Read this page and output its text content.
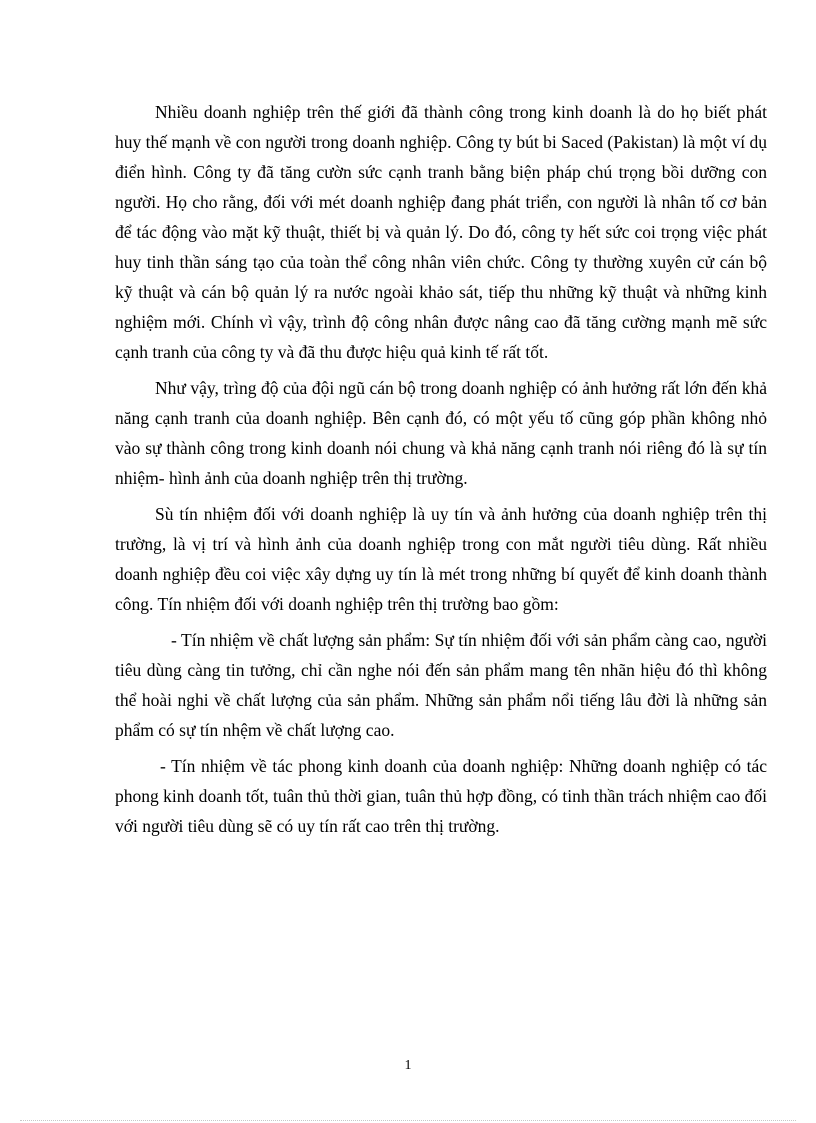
Nhiều doanh nghiệp trên thế giới đã thành công trong kinh doanh là do họ biết phát huy thế mạnh về con người trong doanh nghiệp. Công ty bút bi Saced (Pakistan) là một ví dụ điển hình. Công ty đã tăng cườn sức cạnh tranh bằng biện pháp chú trọng bồi dưỡng con người. Họ cho rằng, đối với mét doanh nghiệp đang phát triển, con người là nhân tố cơ bản để tác động vào mặt kỹ thuật, thiết bị và quản lý. Do đó, công ty hết sức coi trọng việc phát huy tinh thần sáng tạo của toàn thể công nhân viên chức. Công ty thường xuyên cử cán bộ kỹ thuật và cán bộ quản lý ra nước ngoài khảo sát, tiếp thu những kỹ thuật và những kinh nghiệm mới. Chính vì vậy, trình độ công nhân được nâng cao đã tăng cường mạnh mẽ sức cạnh tranh của công ty và đã thu được hiệu quả kinh tế rất tốt.

Như vậy, trìng độ của đội ngũ cán bộ trong doanh nghiệp có ảnh hưởng rất lớn đến khả năng cạnh tranh của doanh nghiệp. Bên cạnh đó, có một yếu tố cũng góp phần không nhỏ vào sự thành công trong kinh doanh nói chung và khả năng cạnh tranh nói riêng đó là sự tín nhiệm- hình ảnh của doanh nghiệp trên thị trường.

Sù tín nhiệm đối với doanh nghiệp là uy tín và ảnh hưởng của doanh nghiệp trên thị trường, là vị trí và hình ảnh của doanh nghiệp trong con mắt người tiêu dùng. Rất nhiều doanh nghiệp đều coi việc xây dựng uy tín là mét trong những bí quyết để kinh doanh thành công. Tín nhiệm đối với doanh nghiệp trên thị trường bao gồm:

- Tín nhiệm về chất lượng sản phẩm: Sự tín nhiệm đối với sản phẩm càng cao, người tiêu dùng càng tin tưởng, chỉ cần nghe nói đến sản phẩm mang tên nhãn hiệu đó thì không thể hoài nghi về chất lượng của sản phẩm. Những sản phẩm nổi tiếng lâu đời là những sản phẩm có sự tín nhệm về chất lượng cao.

- Tín nhiệm về tác phong kinh doanh của doanh nghiệp: Những doanh nghiệp có tác phong kinh doanh tốt, tuân thủ thời gian, tuân thủ hợp đồng, có tinh thần trách nhiệm cao đối với người tiêu dùng sẽ có uy tín rất cao trên thị trường.

1
